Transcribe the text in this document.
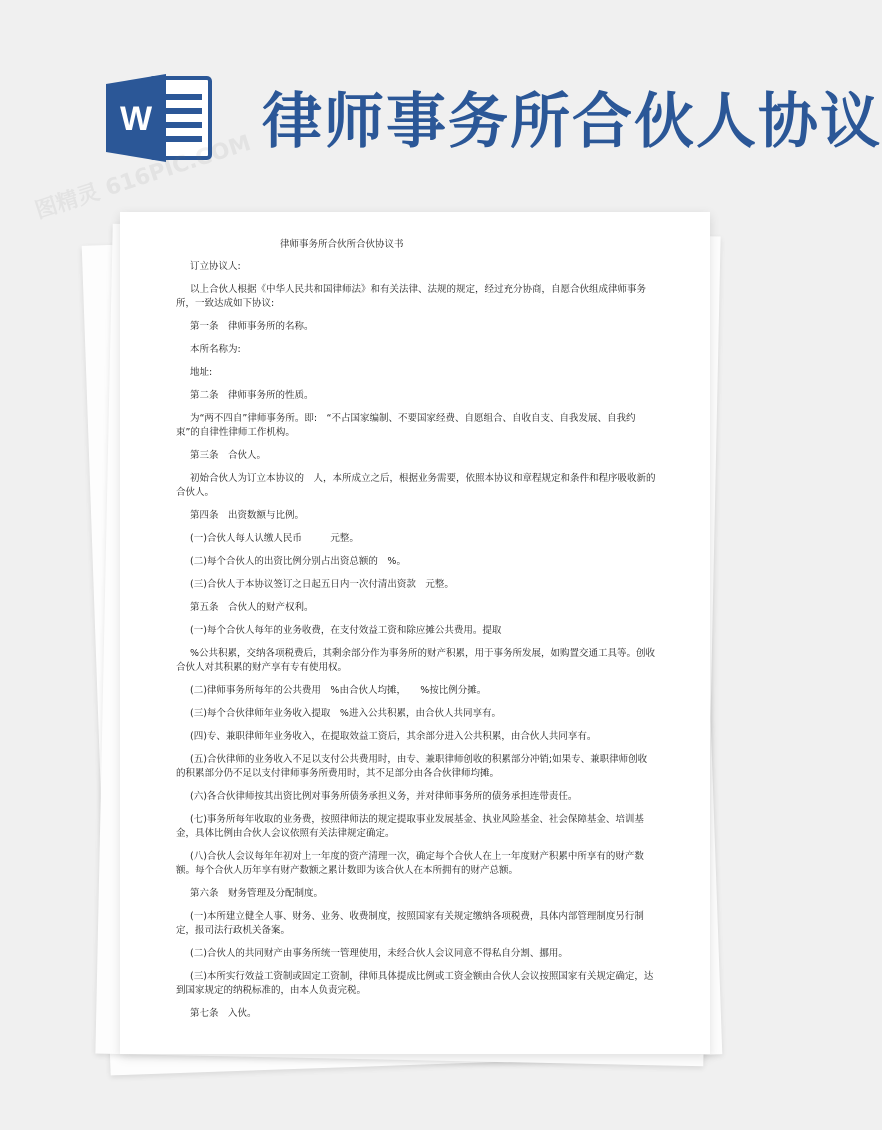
W 律师事务所合伙人协议
图精灵 616PIC.COM
律师事务所合伙所合伙协议书

订立协议人:

以上合伙人根据《中华人民共和国律师法》和有关法律、法规的规定，经过充分协商，自愿合伙组成律师事务所，一致达成如下协议:

第一条　律师事务所的名称。

本所名称为:

地址:

第二条　律师事务所的性质。

为“两不四自”律师事务所。即:　“不占国家编制、不要国家经费、自愿组合、自收自支、自我发展、自我约束”的自律性律师工作机构。

第三条　合伙人。

初始合伙人为订立本协议的　人，本所成立之后，根据业务需要，依照本协议和章程规定和条件和程序吸收新的合伙人。

第四条　出资数额与比例。

(一)合伙人每人认缴人民币　　　元整。

(二)每个合伙人的出资比例分别占出资总额的　%。

(三)合伙人于本协议签订之日起五日内一次付清出资款　元整。

第五条　合伙人的财产权利。

(一)每个合伙人每年的业务收费，在支付效益工资和除应摊公共费用。提取

%公共积累，交纳各项税费后，其剩余部分作为事务所的财产积累，用于事务所发展，如购置交通工具等。创收合伙人对其积累的财产享有专有使用权。

(二)律师事务所每年的公共费用　%由合伙人均摊，　　%按比例分摊。

(三)每个合伙律师年业务收入提取　%进入公共积累，由合伙人共同享有。

(四)专、兼职律师年业务收入，在提取效益工资后，其余部分进入公共积累，由合伙人共同享有。

(五)合伙律师的业务收入不足以支付公共费用时，由专、兼职律师创收的积累部分冲销;如果专、兼职律师创收的积累部分仍不足以支付律师事务所费用时，其不足部分由各合伙律师均摊。

(六)各合伙律师按其出资比例对事务所债务承担义务，并对律师事务所的债务承担连带责任。

(七)事务所每年收取的业务费，按照律师法的规定提取事业发展基金、执业风险基金、社会保障基金、培训基金，具体比例由合伙人会议依照有关法律规定确定。

(八)合伙人会议每年年初对上一年度的资产清理一次，确定每个合伙人在上一年度财产积累中所享有的财产数额。每个合伙人历年享有财产数额之累计数即为该合伙人在本所拥有的财产总额。

第六条　财务管理及分配制度。

(一)本所建立健全人事、财务、业务、收费制度，按照国家有关规定缴纳各项税费，具体内部管理制度另行制定，报司法行政机关备案。

(二)合伙人的共同财产由事务所统一管理使用，未经合伙人会议同意不得私自分割、挪用。

(三)本所实行效益工资制或固定工资制，律师具体提成比例或工资金额由合伙人会议按照国家有关规定确定，达到国家规定的纳税标准的，由本人负责完税。

第七条　入伙。
